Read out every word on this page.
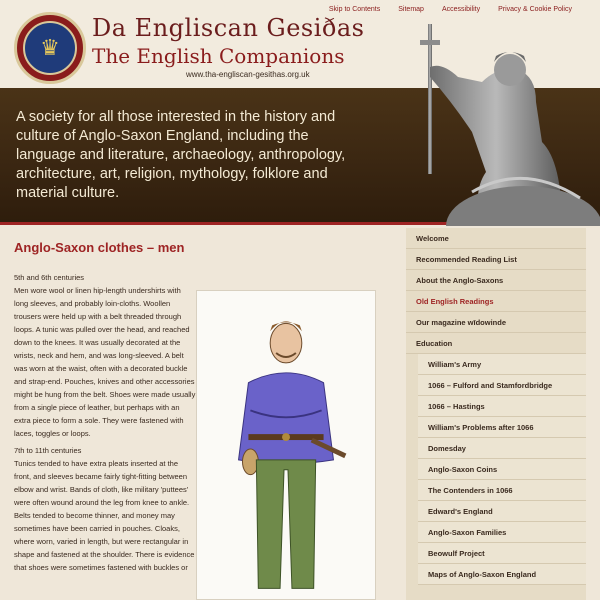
♛
Da Engliscan Gesiðas
The English Companions
www.tha-engliscan-gesithas.org.uk
Skip to Contents	Sitemap	Accessibility	Privacy & Cookie Policy

A society for all those interested in the history and culture of Anglo-Saxon England, including the language and literature, archaeology, anthropology, architecture, art, religion, mythology, folklore and material culture.

Anglo-Saxon clothes – men

5th and 6th centuries

Men wore wool or linen hip-length undershirts with long sleeves, and probably loin-cloths. Woollen trousers were held up with a belt threaded through loops. A tunic was pulled over the head, and reached down to the knees. It was usually decorated at the wrists, neck and hem, and was long-sleeved. A belt was worn at the waist, often with a decorated buckle and strap-end. Pouches, knives and other accessories might be hung from the belt. Shoes were made usually from a single piece of leather, but perhaps with an extra piece to form a sole. They were fastened with laces, toggles or loops.

7th to 11th centuries

Tunics tended to have extra pleats inserted at the front, and sleeves became fairly tight-fitting between elbow and wrist. Bands of cloth, like military 'puttees' were often wound around the leg from knee to ankle. Belts tended to become thinner, and money may sometimes have been carried in pouches. Cloaks, where worn, varied in length, but were rectangular in shape and fastened at the shoulder. There is evidence that shoes were sometimes fastened with buckles or

Welcome
Recommended Reading List
About the Anglo-Saxons
Old English Readings
Our magazine wīdowinde
Education
William's Army
1066 – Fulford and Stamfordbridge
1066 – Hastings
William's Problems after 1066
Domesday
Anglo-Saxon Coins
The Contenders in 1066
Edward's England
Anglo-Saxon Families
Beowulf Project
Maps of Anglo-Saxon England
